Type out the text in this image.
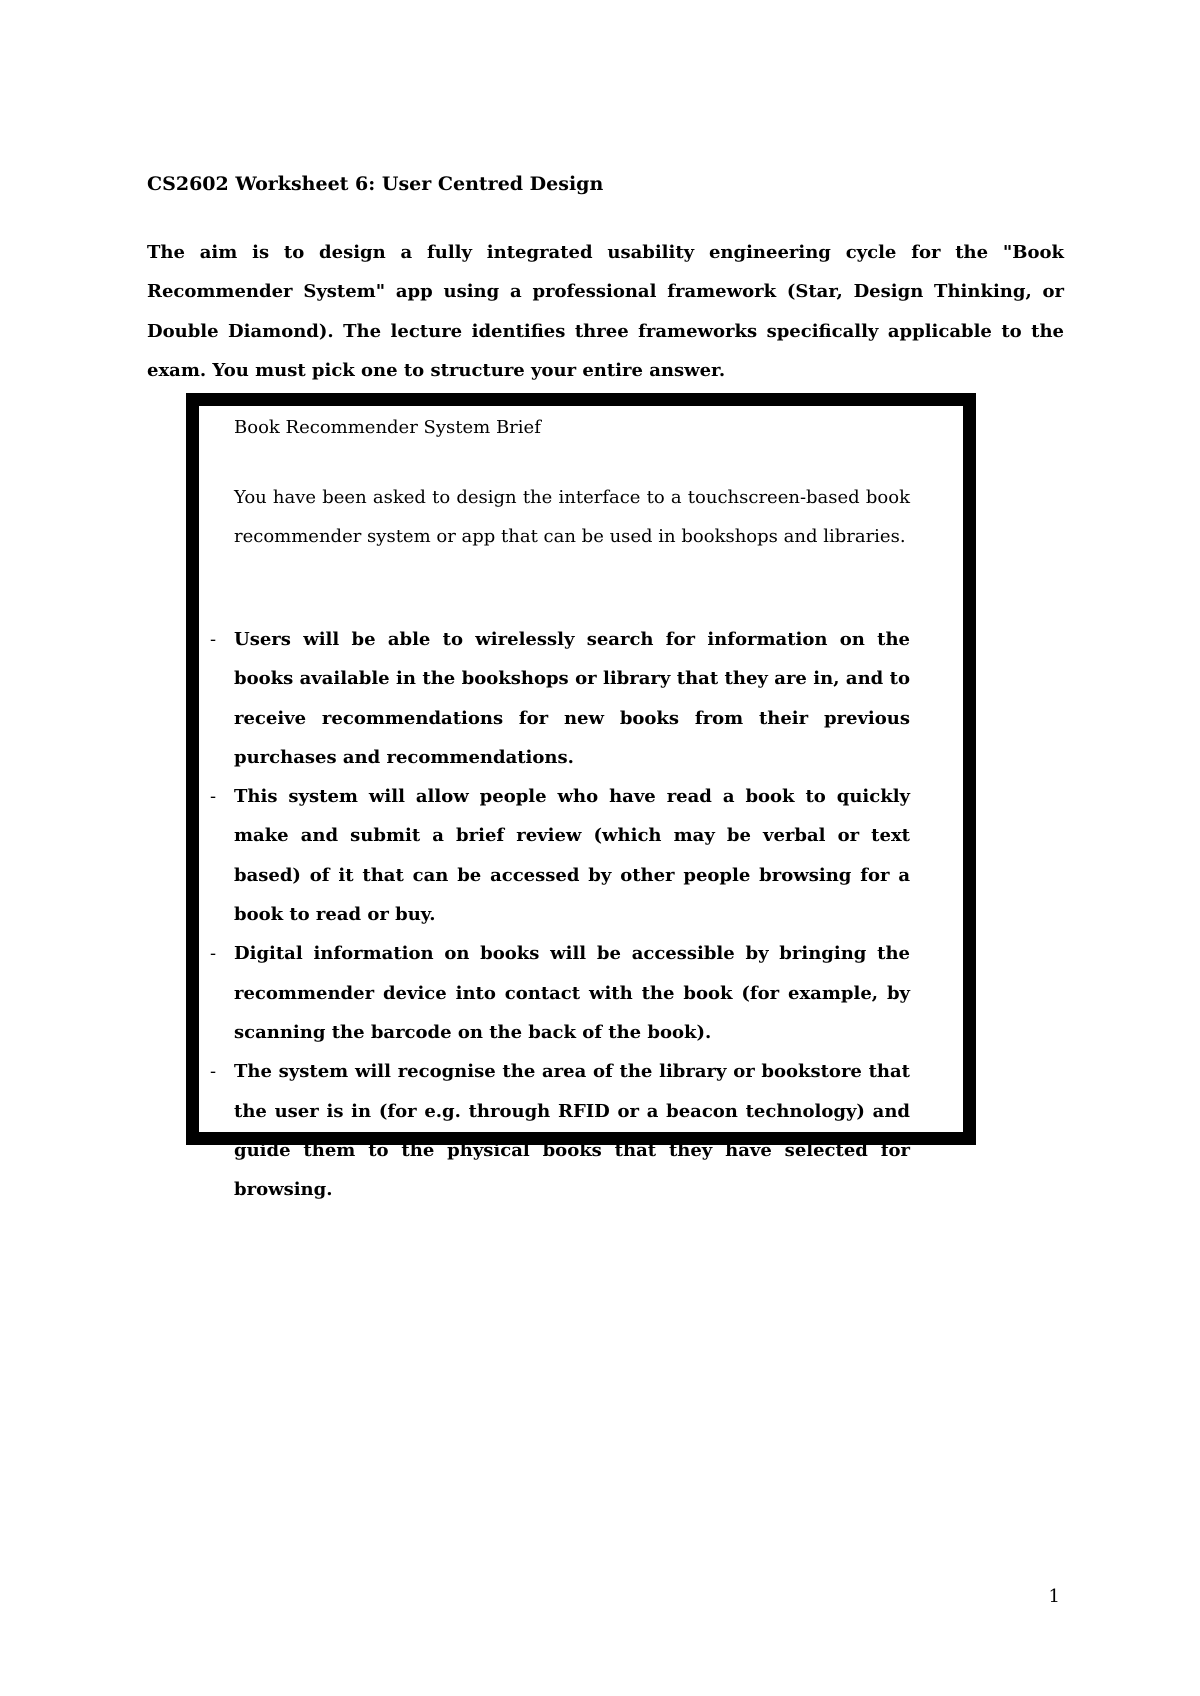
CS2602 Worksheet 6: User Centred Design
The aim is to design a fully integrated usability engineering cycle for the "Book Recommender System" app using a professional framework (Star, Design Thinking, or Double Diamond). The lecture identifies three frameworks specifically applicable to the exam. You must pick one to structure your entire answer.
Book Recommender System Brief
You have been asked to design the interface to a touchscreen-based book recommender system or app that can be used in bookshops and libraries.
- Users will be able to wirelessly search for information on the books available in the bookshops or library that they are in, and to receive recommendations for new books from their previous purchases and recommendations.
- This system will allow people who have read a book to quickly make and submit a brief review (which may be verbal or text based) of it that can be accessed by other people browsing for a book to read or buy.
- Digital information on books will be accessible by bringing the recommender device into contact with the book (for example, by scanning the barcode on the back of the book).
- The system will recognise the area of the library or bookstore that the user is in (for e.g. through RFID or a beacon technology) and guide them to the physical books that they have selected for browsing.
1
